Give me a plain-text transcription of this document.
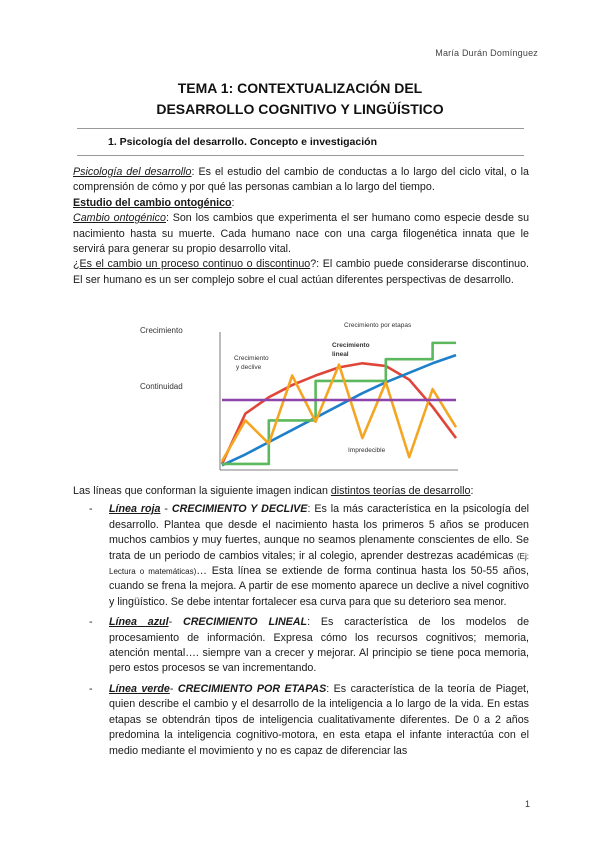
María Durán Domínguez
TEMA 1: CONTEXTUALIZACIÓN DEL
DESARROLLO COGNITIVO Y LINGÜÍSTICO
1. Psicología del desarrollo. Concepto e investigación

Psicología del desarrollo: Es el estudio del cambio de conductas a lo largo del ciclo vital, o la comprensión de cómo y por qué las personas cambian a lo largo del tiempo.

Estudio del cambio ontogénico:

Cambio ontogénico: Son los cambios que experimenta el ser humano como especie desde su nacimiento hasta su muerte. Cada humano nace con una carga filogenética innata que le servirá para generar su propio desarrollo vital.

¿Es el cambio un proceso continuo o discontinuo?: El cambio puede considerarse discontinuo. El ser humano es un ser complejo sobre el cual actúan diferentes perspectivas de desarrollo.

Crecimiento
Continuidad
Crecimiento
y declive
Crecimiento por etapas
Crecimiento
lineal
Impredecible
Las líneas que conforman la siguiente imagen indican distintos teorías de desarrollo:
- Línea roja - CRECIMIENTO Y DECLIVE: Es la más característica en la psicología del desarrollo. Plantea que desde el nacimiento hasta los primeros 5 años se producen muchos cambios y muy fuertes, aunque no seamos plenamente conscientes de ello. Se trata de un periodo de cambios vitales; ir al colegio, aprender destrezas académicas (Ej: Lectura o matemáticas)… Esta línea se extiende de forma continua hasta los 50-55 años, cuando se frena la mejora. A partir de ese momento aparece un declive a nivel cognitivo y lingüístico. Se debe intentar fortalecer esa curva para que su deterioro sea menor.
- Línea azul- CRECIMIENTO LINEAL: Es característica de los modelos de procesamiento de información. Expresa cómo los recursos cognitivos; memoria, atención mental…. siempre van a crecer y mejorar. Al principio se tiene poca memoria, pero estos procesos se van incrementando.
- Línea verde- CRECIMIENTO POR ETAPAS: Es característica de la teoría de Piaget, quien describe el cambio y el desarrollo de la inteligencia a lo largo de la vida. En estas etapas se obtendrán tipos de inteligencia cualitativamente diferentes. De 0 a 2 años predomina la inteligencia cognitivo-motora, en esta etapa el infante interactúa con el medio mediante el movimiento y no es capaz de diferenciar las
1
